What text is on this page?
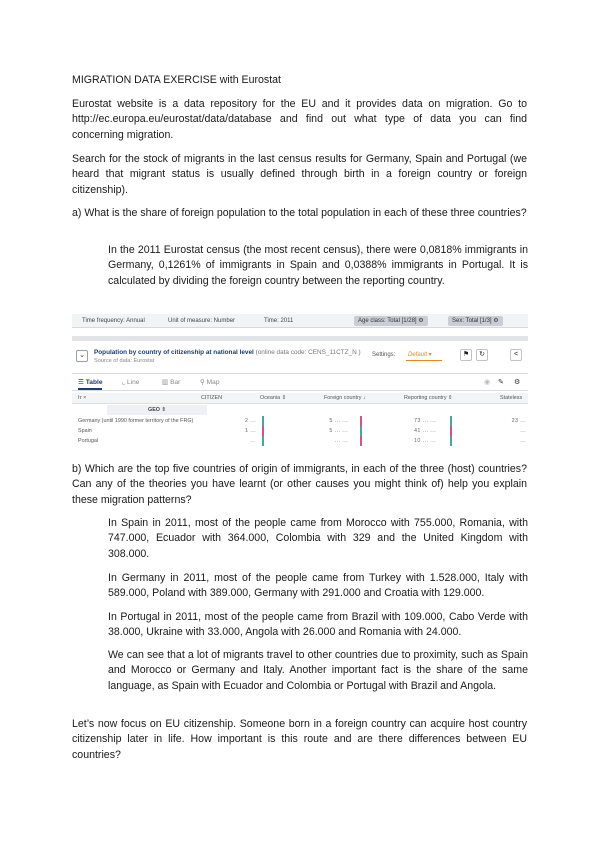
MIGRATION DATA EXERCISE with Eurostat

Eurostat website is a data repository for the EU and it provides data on migration. Go to http://ec.europa.eu/eurostat/data/database and find out what type of data you can find concerning migration.

Search for the stock of migrants in the last census results for Germany, Spain and Portugal (we heard that migrant status is usually defined through birth in a foreign country or foreign citizenship).

a) What is the share of foreign population to the total population in each of these three countries?

In the 2011 Eurostat census (the most recent census), there were 0,0818% immigrants in Germany, 0,1261% of immigrants in Spain and 0,0388% immigrants in Portugal. It is calculated by dividing the foreign country between the reporting country.

Time frequency: Annual	Unit of measure: Number	Time: 2011	Age class: Total [1/28] ⚙	Sex: Total [1/3] ⚙
⌄	Population by country of citizenship at national level (online data code: CENS_11CTZ_N )
Source of data: Eurostat
Settings:	Default ▾	⚑	↻	<
☰ Table	⌞ Line	▥ Bar	⚲ Map	◉ ✎ ⚙
ŀr ×	CITIZEN	Oceania ⇕	Foreign country ↓	Reporting country ⇕	Stateless
GEO ⇕
Germany (until 1990 former territory of the FRG)	2 ...	5 ... ...	73 ... ...	23 ...
Spain	1 ...	5 ... ...	41 ... ...	...
Portugal	...	... ...	10 ... ...	...

b) Which are the top five countries of origin of immigrants, in each of the three (host) countries? Can any of the theories you have learnt (or other causes you might think of) help you explain these migration patterns?

In Spain in 2011, most of the people came from Morocco with 755.000, Romania, with 747.000, Ecuador with 364.000, Colombia with 329 and the United Kingdom with 308.000.

In Germany in 2011, most of the people came from Turkey with 1.528.000, Italy with 589.000, Poland with 389.000, Germany with 291.000 and Croatia with 129.000.

In Portugal in 2011, most of the people came from Brazil with 109.000, Cabo Verde with 38.000, Ukraine with 33.000, Angola with 26.000 and Romania with 24.000.

We can see that a lot of migrants travel to other countries due to proximity, such as Spain and Morocco or Germany and Italy. Another important fact is the share of the same language, as Spain with Ecuador and Colombia or Portugal with Brazil and Angola.

Let’s now focus on EU citizenship. Someone born in a foreign country can acquire host country citizenship later in life. How important is this route and are there differences between EU countries?
